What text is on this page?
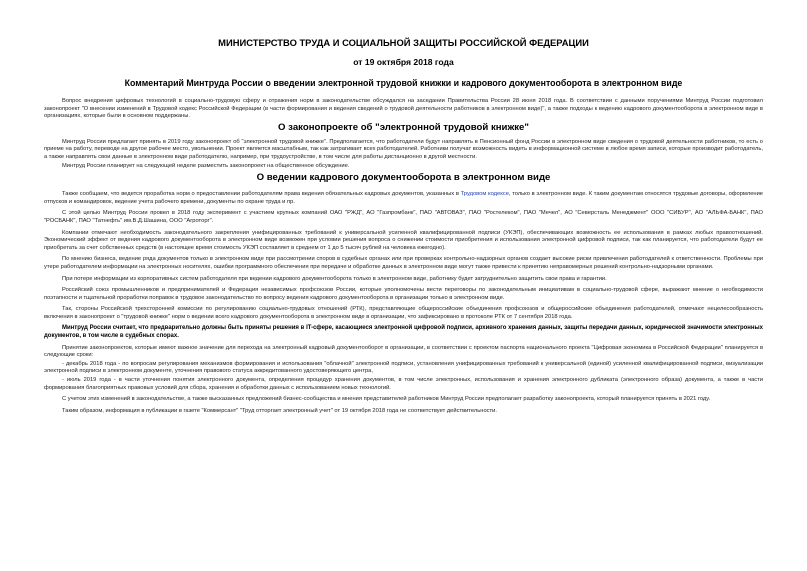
МИНИСТЕРСТВО ТРУДА И СОЦИАЛЬНОЙ ЗАЩИТЫ РОССИЙСКОЙ ФЕДЕРАЦИИ
от 19 октября 2018 года
Комментарий Минтруда России о введении электронной трудовой книжки и кадрового документооборота в электронном виде

Вопрос внедрения цифровых технологий в социально-трудовую сферу и отражения норм в законодательстве обсуждался на заседании Правительства России 28 июня 2018 года. В соответствии с данными поручениями Минтруд России подготовил законопроект "О внесении изменений в Трудовой кодекс Российской Федерации (в части формирования и ведения сведений о трудовой деятельности работников в электронном виде)", а также подходы к ведению кадрового документооборота в электронном виде в организациях, которые были в основном поддержаны.

О законопроекте об "электронной трудовой книжке"

Минтруд России предлагает принять в 2019 году законопроект об "электронной трудовой книжке". Предполагается, что работодатели будут направлять в Пенсионный фонд России в электронном виде сведения о трудовой деятельности работников, то есть о приеме на работу, переводе на другое рабочее место, увольнении. Проект является масштабным, так как затрагивает всех работодателей. Работники получат возможность видеть в информационной системе в любое время записи, которые производит работодатель, а также направлять свои данные в электронном виде работодателю, например, при трудоустройстве, в том числе для работы дистанционно в другой местности.

Минтруд России планирует на следующей неделе разместить законопроект на общественное обсуждение.

О ведении кадрового документооборота в электронном виде

Также сообщаем, что ведется проработка норм о предоставлении работодателям права ведения обязательных кадровых документов, указанных в Трудовом кодексе, только в электронном виде. К таким документам относятся трудовые договоры, оформление отпусков и командировок, ведение учета рабочего времени, документы по охране труда и пр.

С этой целью Минтруд России провел в 2018 году эксперимент с участием крупных компаний ОАО "РЖД", АО "Газпромбанк", ПАО "АВТОВАЗ", ПАО "Ростелеком", ПАО "Мечел", АО "Северсталь Менеджмент" ООО "СИБУР", АО "АЛЬФА-БАНК", ПАО "РОСБАНК", ПАО "Татнефть" им.В.Д.Шашина, ООО "Агроторг".

Компании отмечают необходимость законодательного закрепления унифицированных требований к универсальной усиленной квалифицированной подписи (УКЭП), обеспечивающих возможность ее использования в рамках любых правоотношений. Экономический эффект от ведения кадрового документооборота в электронном виде возможен при условии решения вопроса о снижении стоимости приобретения и использования электронной цифровой подписи, так как планируется, что работодатели будут ее приобретать за счет собственных средств (в настоящее время стоимость УКЭП составляет в среднем от 1 до 5 тысяч рублей на человека ежегодно).

По мнению бизнеса, ведение ряда документов только в электронном виде при рассмотрении споров в судебных органах или при проверках контрольно-надзорных органов создает высокие риски привлечения работодателей к ответственности. Проблемы при утере работодателем информации на электронных носителях, ошибки программного обеспечения при передаче и обработке данных в электронном виде могут также привести к принятию неправомерных решений контрольно-надзорными органами.

При потере информации из корпоративных систем работодателя при ведении кадрового документооборота только в электронном виде, работнику будет затруднительно защитить свои права и гарантии.

Российский союз промышленников и предпринимателей и Федерация независимых профсоюзов России, которые уполномочены вести переговоры по законодательным инициативам в социально-трудовой сфере, выражают мнение о необходимости поэтапности и тщательной проработки поправок в трудовое законодательство по вопросу ведения кадрового документооборота в организации только в электронном виде.

Так, стороны Российской трехсторонней комиссии по регулированию социально-трудовых отношений (РТК), представляющие общероссийские объединения профсоюзов и общероссийские объединения работодателей, отмечают нецелесообразность включения в законопроект о "трудовой книжке" норм о ведении всего кадрового документооборота в электронном виде в организации, что зафиксировано в протоколе РТК от 7 сентября 2018 года.

Минтруд России считает, что предварительно должны быть приняты решения в IT-сфере, касающиеся электронной цифровой подписи, архивного хранения данных, защиты передачи данных, юридической значимости электронных документов, в том числе в судебных спорах.

Принятие законопроектов, которые имеют важное значение для перехода на электронный кадровый документооборот в организации, в соответствии с проектом паспорта национального проекта "Цифровая экономика в Российской Федерации" планируется в следующие сроки:

- декабрь 2018 года - по вопросам регулирования механизмов формирования и использования "облачной" электронной подписи, установления унифицированных требований к универсальной (единой) усиленной квалифицированной подписи, визуализации электронной подписи в электронном документе, уточнения правового статуса аккредитованного удостоверяющего центра,

- июль 2019 года - в части уточнения понятия электронного документа, определения процедур хранения документов, в том числе электронных, использования и хранения электронного дубликата (электронного образа) документа, а также в части формирования благоприятных правовых условий для сбора, хранения и обработки данных с использованием новых технологий.

С учетом этих изменений в законодательстве, а также высказанных предложений бизнес-сообщества и мнения представителей работников Минтруд России предполагает разработку законопроекта, который планируется принять в 2021 году.

Таким образом, информация в публикации в газете "Коммерсант" "Труд отторгает электронный учет" от 19 октября 2018 года не соответствует действительности.
